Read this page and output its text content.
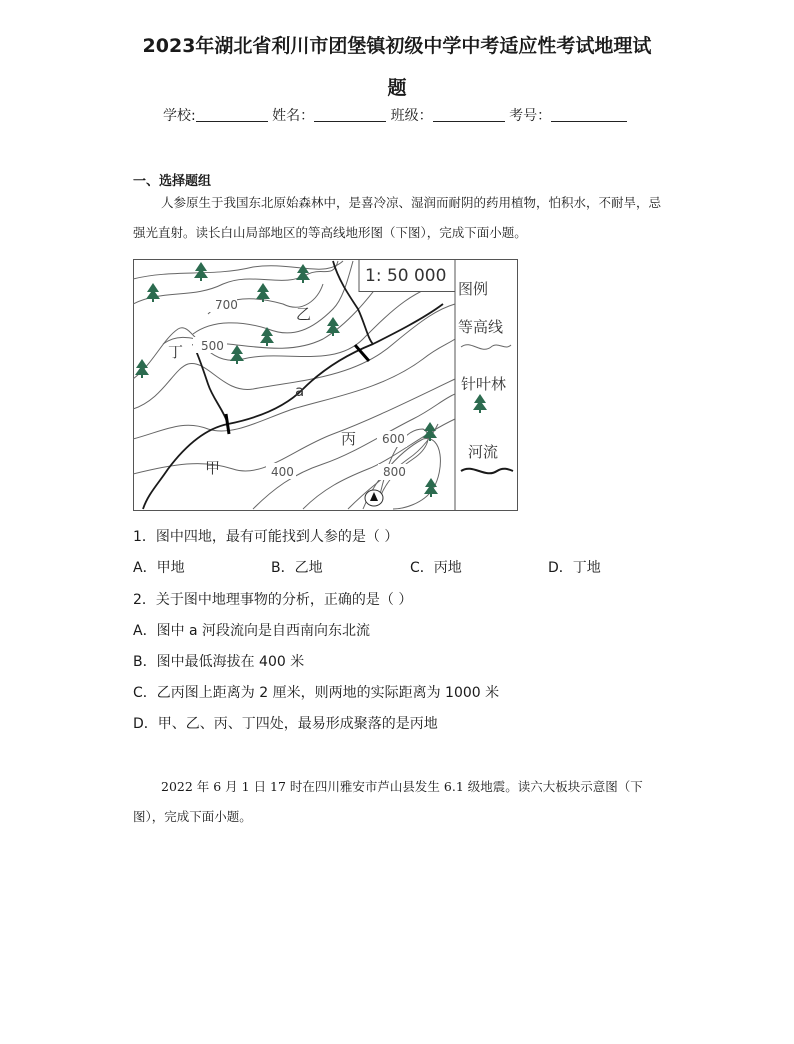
2023年湖北省利川市团堡镇初级中学中考适应性考试地理试
题
学校:	姓名：	班级：	考号：
一、选择题组
人参原生于我国东北原始森林中，是喜冷凉、湿润而耐阴的药用植物，怕积水，不耐旱，忌强光直射。读长白山局部地区的等高线地形图（下图），完成下面小题。
1: 50 000
图例
等高线
针叶林
河流
甲
乙
丙
丁
a
700
500
600
400	800
1．图中四地，最有可能找到人参的是（ ）
A．甲地	B．乙地	C．丙地	D．丁地
2．关于图中地理事物的分析，正确的是（ ）
A．图中 a 河段流向是自西南向东北流
B．图中最低海拔在 400 米
C．乙丙图上距离为 2 厘米，则两地的实际距离为 1000 米
D．甲、乙、丙、丁四处，最易形成聚落的是丙地
2022 年 6 月 1 日 17 时在四川雅安市芦山县发生 6.1 级地震。读六大板块示意图（下图），完成下面小题。
